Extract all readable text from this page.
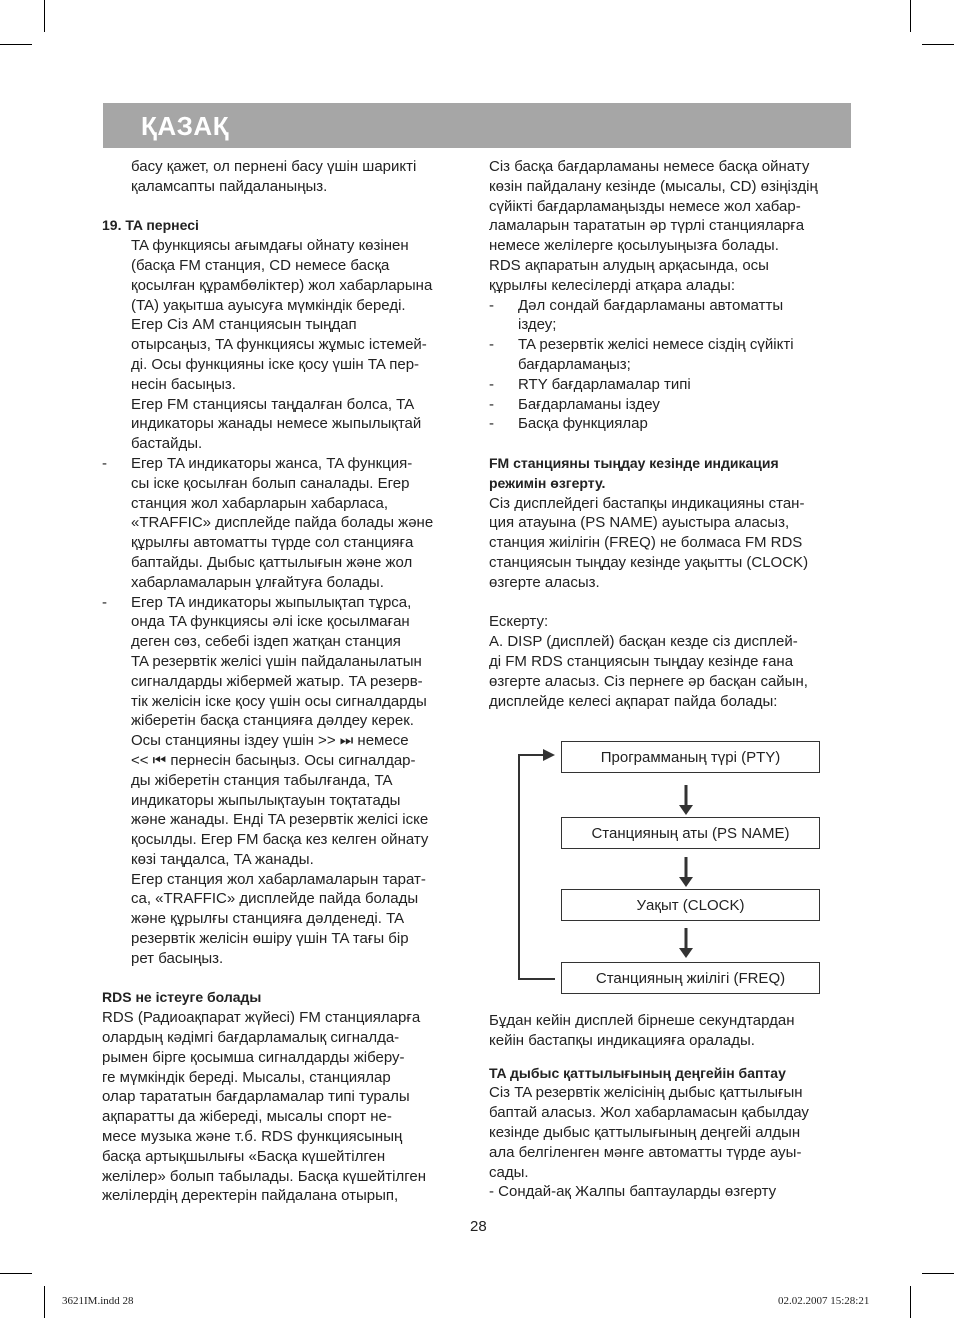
ҚАЗАҚ
басу қажет, ол пернені басу үшін шарикті
қаламсапты пайдаланыңыз.
19. TA пернесі
TA функциясы ағымдағы ойнату көзінен
(басқа FM станция, CD немесе басқа
қосылған құрамбөліктер) жол хабарларына
(TA) уақытша ауысуға мүмкіндік береді.
Егер Сіз AM станциясын тыңдап
отырсаңыз, TA функциясы жұмыс істемей-
ді. Осы функцияны іске қосу үшін TA пер-
несін басыңыз.
Егер FM станциясы таңдалған болса, TA
индикаторы жанады немесе жыпылықтай
бастайды.
- Егер TA индикаторы жанса, TA функция-
сы іске қосылған болып саналады. Егер
станция жол хабарларын хабарласа,
«TRAFFIC» дисплейде пайда болады және
құрылғы автоматты түрде сол станцияға
баптайды. Дыбыс қаттылығын және жол
хабарламаларын ұлғайтуға болады.
- Егер TA индикаторы жыпылықтап тұрса,
онда TA функциясы әлі іске қосылмаған
деген сөз, себебі іздеп жатқан станция
TA резервтік желісі үшін пайдаланылатын
сигналдарды жібермей жатыр. TA резерв-
тік желісін іске қосу үшін осы сигналдарды
жіберетін басқа станцияға дәлдеу керек.
Осы станцияны іздеу үшін >> ⏭ немесе
<< ⏮ пернесін басыңыз. Осы сигналдар-
ды жіберетін станция табылғанда, TA
индикаторы жыпылықтауын тоқтатады
және жанады. Енді TA резервтік желісі іске
қосылды. Егер FM басқа кез келген ойнату
көзі таңдалса, TA жанады.
Егер станция жол хабарламаларын тарат-
са, «TRAFFIC» дисплейде пайда болады
және құрылғы станцияға дәлденеді. TA
резервтік желісін өшіру үшін TA тағы бір
рет басыңыз.
RDS не істеуге болады
RDS (Радиоақпарат жүйесі) FM станцияларға
олардың кәдімгі бағдарламалық сигналда-
рымен бірге қосымша сигналдарды жіберу-
ге мүмкіндік береді. Мысалы, станциялар
олар тарататын бағдарламалар типі туралы
ақпаратты да жібереді, мысалы спорт не-
месе музыка және т.б. RDS функциясының
басқа артықшылығы «Басқа күшейтілген
желілер» болып табылады. Басқа күшейтілген
желілердің деректерін пайдалана отырып,
Сіз басқа бағдарламаны немесе басқа ойнату
көзін пайдалану кезінде (мысалы, CD) өзіңіздің
сүйікті бағдарламаңызды немесе жол хабар-
ламаларын тарататын әр түрлі станцияларға
немесе желілерге қосылуыңызға болады.
RDS ақпаратын алудың арқасында, осы
құрылғы келесілерді атқара алады:
- Дәл сондай бағдарламаны автоматты
іздеу;
- TA резервтік желісі немесе сіздің сүйікті
бағдарламаңыз;
- RTY бағдарламалар типі
- Бағдарламаны іздеу
- Басқа функциялар
FM станцияны тыңдау кезінде индикация
режимін өзгерту.
Сіз дисплейдегі бастапқы индикацияны стан-
ция атауына (PS NAME) ауыстыра аласыз,
станция жиілігін (FREQ) не болмаса FM RDS
станциясын тыңдау кезінде уақытты (CLOCK)
өзгерте аласыз.
Ескерту:
A. DISP (дисплей) басқан кезде сіз дисплей-
ді FM RDS станциясын тыңдау кезінде ғана
өзгерте аласыз. Сіз пернеге әр басқан сайын,
дисплейде келесі ақпарат пайда болады:
Программаның түрі (PTY)
Станцияның аты (PS NAME)
Уақыт (CLOCK)
Станцияның жиілігі (FREQ)
Бұдан кейін дисплей бірнеше секундтардан
кейін бастапқы индикацияға оралады.
TA дыбыс қаттылығының деңгейін баптау
Сіз TA резервтік желісінің дыбыс қаттылығын
баптай аласыз. Жол хабарламасын қабылдау
кезінде дыбыс қаттылығының деңгейі алдын
ала белгіленген мәнге автоматты түрде ауы-
сады.
- Сондай-ақ Жалпы баптауларды өзгерту
28
3621IM.indd 28	02.02.2007 15:28:21
